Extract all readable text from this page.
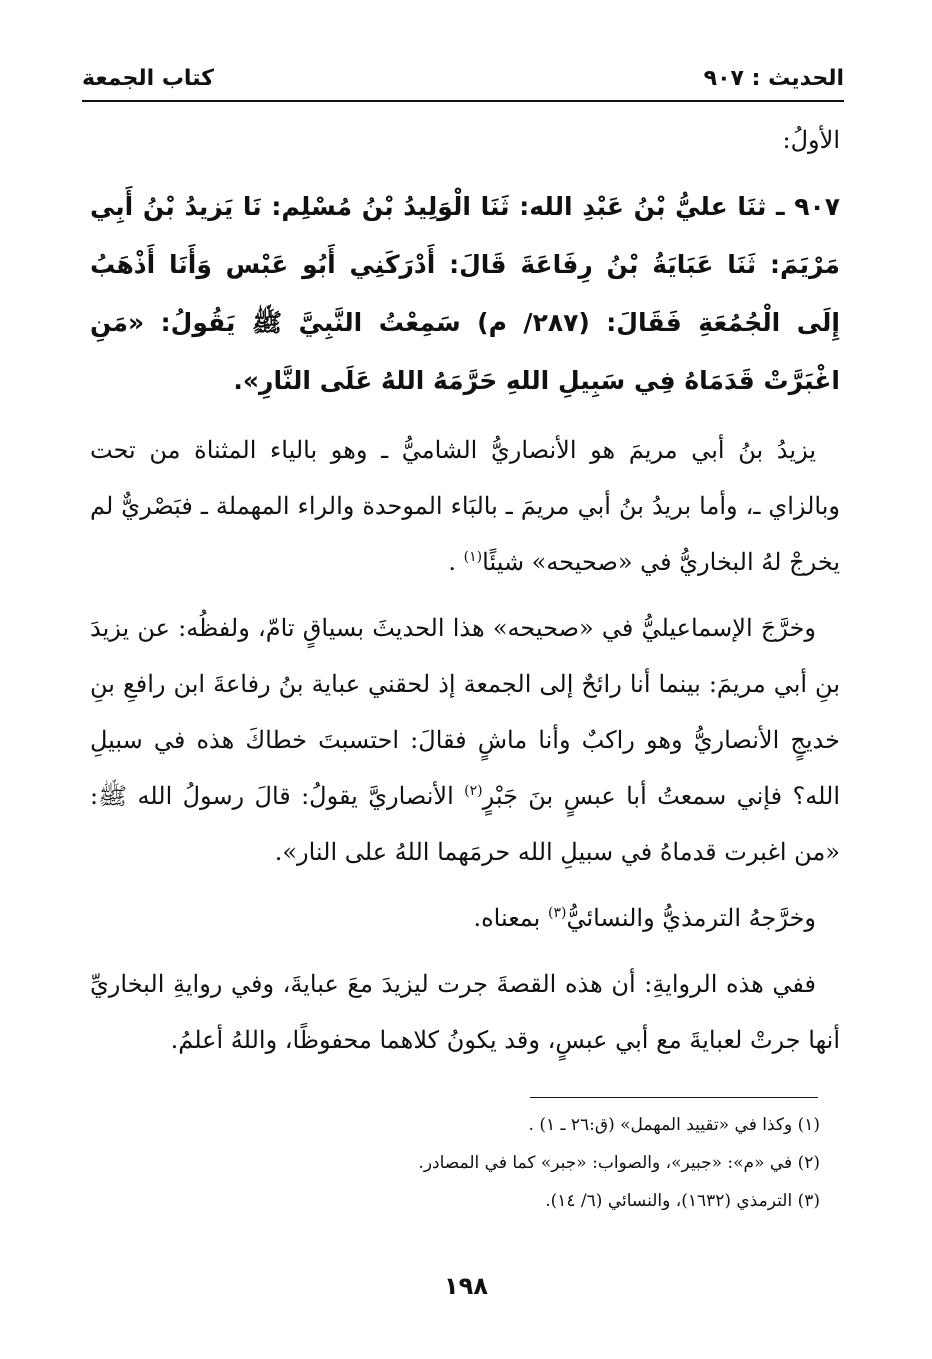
الحديث : ٩٠٧
كتاب الجمعة

الأولُ:

٩٠٧ ـ ثنَا عليُّ بْنُ عَبْدِ الله: ثَنَا الْوَلِيدُ بْنُ مُسْلِم: نَا يَزيدُ بْنُ أَبِي مَرْيَمَ: ثَنَا عَبَايَةُ بْنُ رِفَاعَةَ قَالَ: أَدْرَكَنِي أَبُو عَبْس وَأَنَا أَذْهَبُ إِلَى الْجُمُعَةِ فَقَالَ: (٢٨٧/ م) سَمِعْتُ النَّبِيَّ ﷺ يَقُولُ: «مَنِ اغْبَرَّتْ قَدَمَاهُ فِي سَبِيلِ اللهِ حَرَّمَهُ اللهُ عَلَى النَّارِ».

يزيدُ بنُ أبي مريمَ هو الأنصاريُّ الشاميُّ ـ وهو بالياء المثناة من تحت وبالزاي ـ، وأما بريدُ بنُ أبي مريمَ ـ بالبَاء الموحدة والراء المهملة ـ فبَصْريٌّ لم يخرجْ لهُ البخاريُّ في «صحيحه» شيئًا$^{(١)}$ .

وخرَّجَ الإسماعيليُّ في «صحيحه» هذا الحديثَ بسياقٍ تامّ، ولفظُه: عن يزيدَ بنِ أبي مريمَ: بينما أنا رائحٌ إلى الجمعة إذ لحقني عباية بنُ رفاعةَ ابن رافعِ بنِ خديجٍ الأنصاريُّ وهو راكبٌ وأنا ماشٍ فقالَ: احتسبتَ خطاكَ هذه في سبيلِ الله؟ فإني سمعتُ أبا عبسٍ بنَ جَبْرٍ$^{(٢)}$ الأنصاريَّ يقولُ: قالَ رسولُ الله ﷺ: «من اغبرت قدماهُ في سبيلِ الله حرمَهما اللهُ على النار».

وخرَّجهُ الترمذيُّ والنسائيُّ$^{(٣)}$ بمعناه.

ففي هذه الروايةِ: أن هذه القصةَ جرت ليزيدَ معَ عبايةَ، وفي روايةِ البخاريِّ أنها جرتْ لعبايةَ مع أبي عبسٍ، وقد يكونُ كلاهما محفوظًا، واللهُ أعلمُ.

(١) وكذا في «تقييد المهمل» (ق:٢٦ ـ ١) .

(٢) في «م»: «جبير»، والصواب: «جبر» كما في المصادر.

(٣) الترمذي (١٦٣٢)، والنسائي (٦/ ١٤).

١٩٨
